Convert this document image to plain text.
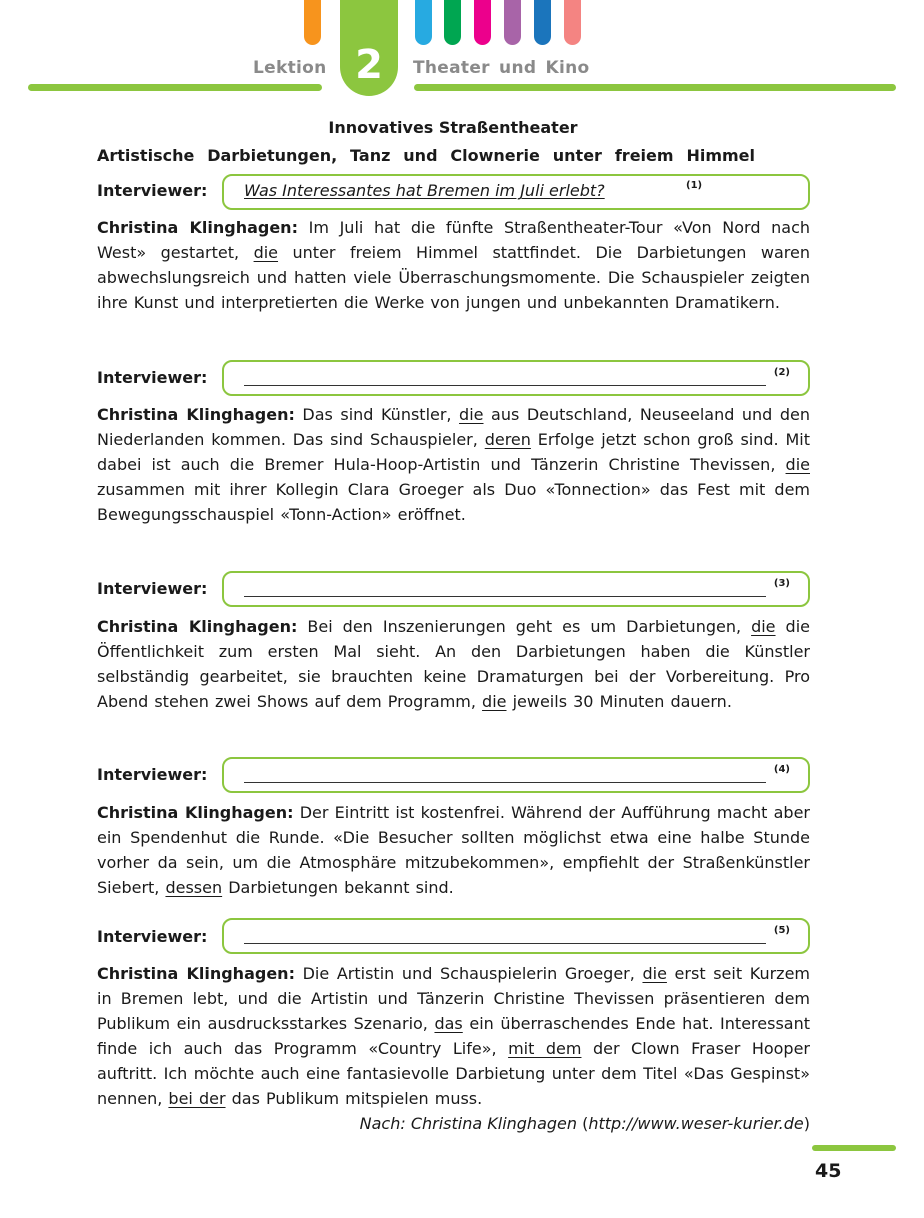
2
Lektion	Theater und Kino
Innovatives Straßentheater
Artistische Darbietungen, Tanz und Clownerie unter freiem Himmel
Interviewer: Was Interessantes hat Bremen im Juli erlebt?	(1)
Christina Klinghagen: Im Juli hat die fünfte Straßentheater-Tour «Von Nord nach West» gestartet, die unter freiem Himmel stattfindet. Die Darbietungen waren abwechslungsreich und hatten viele Überraschungsmomente. Die Schauspieler zeigten ihre Kunst und interpretierten die Werke von jungen und unbekannten Dramatikern.
Interviewer:	(2)
Christina Klinghagen: Das sind Künstler, die aus Deutschland, Neuseeland und den Niederlanden kommen. Das sind Schauspieler, deren Erfolge jetzt schon groß sind. Mit dabei ist auch die Bremer Hula-Hoop-Artistin und Tänzerin Christine Thevissen, die zusammen mit ihrer Kollegin Clara Groeger als Duo «Tonnection» das Fest mit dem Bewegungsschauspiel «Tonn-Action» eröffnet.
Interviewer:	(3)
Christina Klinghagen: Bei den Inszenierungen geht es um Darbietungen, die die Öffentlichkeit zum ersten Mal sieht. An den Darbietungen haben die Künstler selbständig gearbeitet, sie brauchten keine Dramaturgen bei der Vorbereitung. Pro Abend stehen zwei Shows auf dem Programm, die jeweils 30 Minuten dauern.
Interviewer:	(4)
Christina Klinghagen: Der Eintritt ist kostenfrei. Während der Aufführung macht aber ein Spendenhut die Runde. «Die Besucher sollten möglichst etwa eine halbe Stunde vorher da sein, um die Atmosphäre mitzubekommen», empfiehlt der Straßenkünstler Siebert, dessen Darbietungen bekannt sind.
Interviewer:	(5)
Christina Klinghagen: Die Artistin und Schauspielerin Groeger, die erst seit Kurzem in Bremen lebt, und die Artistin und Tänzerin Christine Thevissen präsentieren dem Publikum ein ausdrucksstarkes Szenario, das ein überraschendes Ende hat. Interessant finde ich auch das Programm «Country Life», mit dem der Clown Fraser Hooper auftritt. Ich möchte auch eine fantasievolle Darbietung unter dem Titel «Das Gespinst» nennen, bei der das Publikum mitspielen muss.
Nach: Christina Klinghagen (http://www.weser-kurier.de)
45
